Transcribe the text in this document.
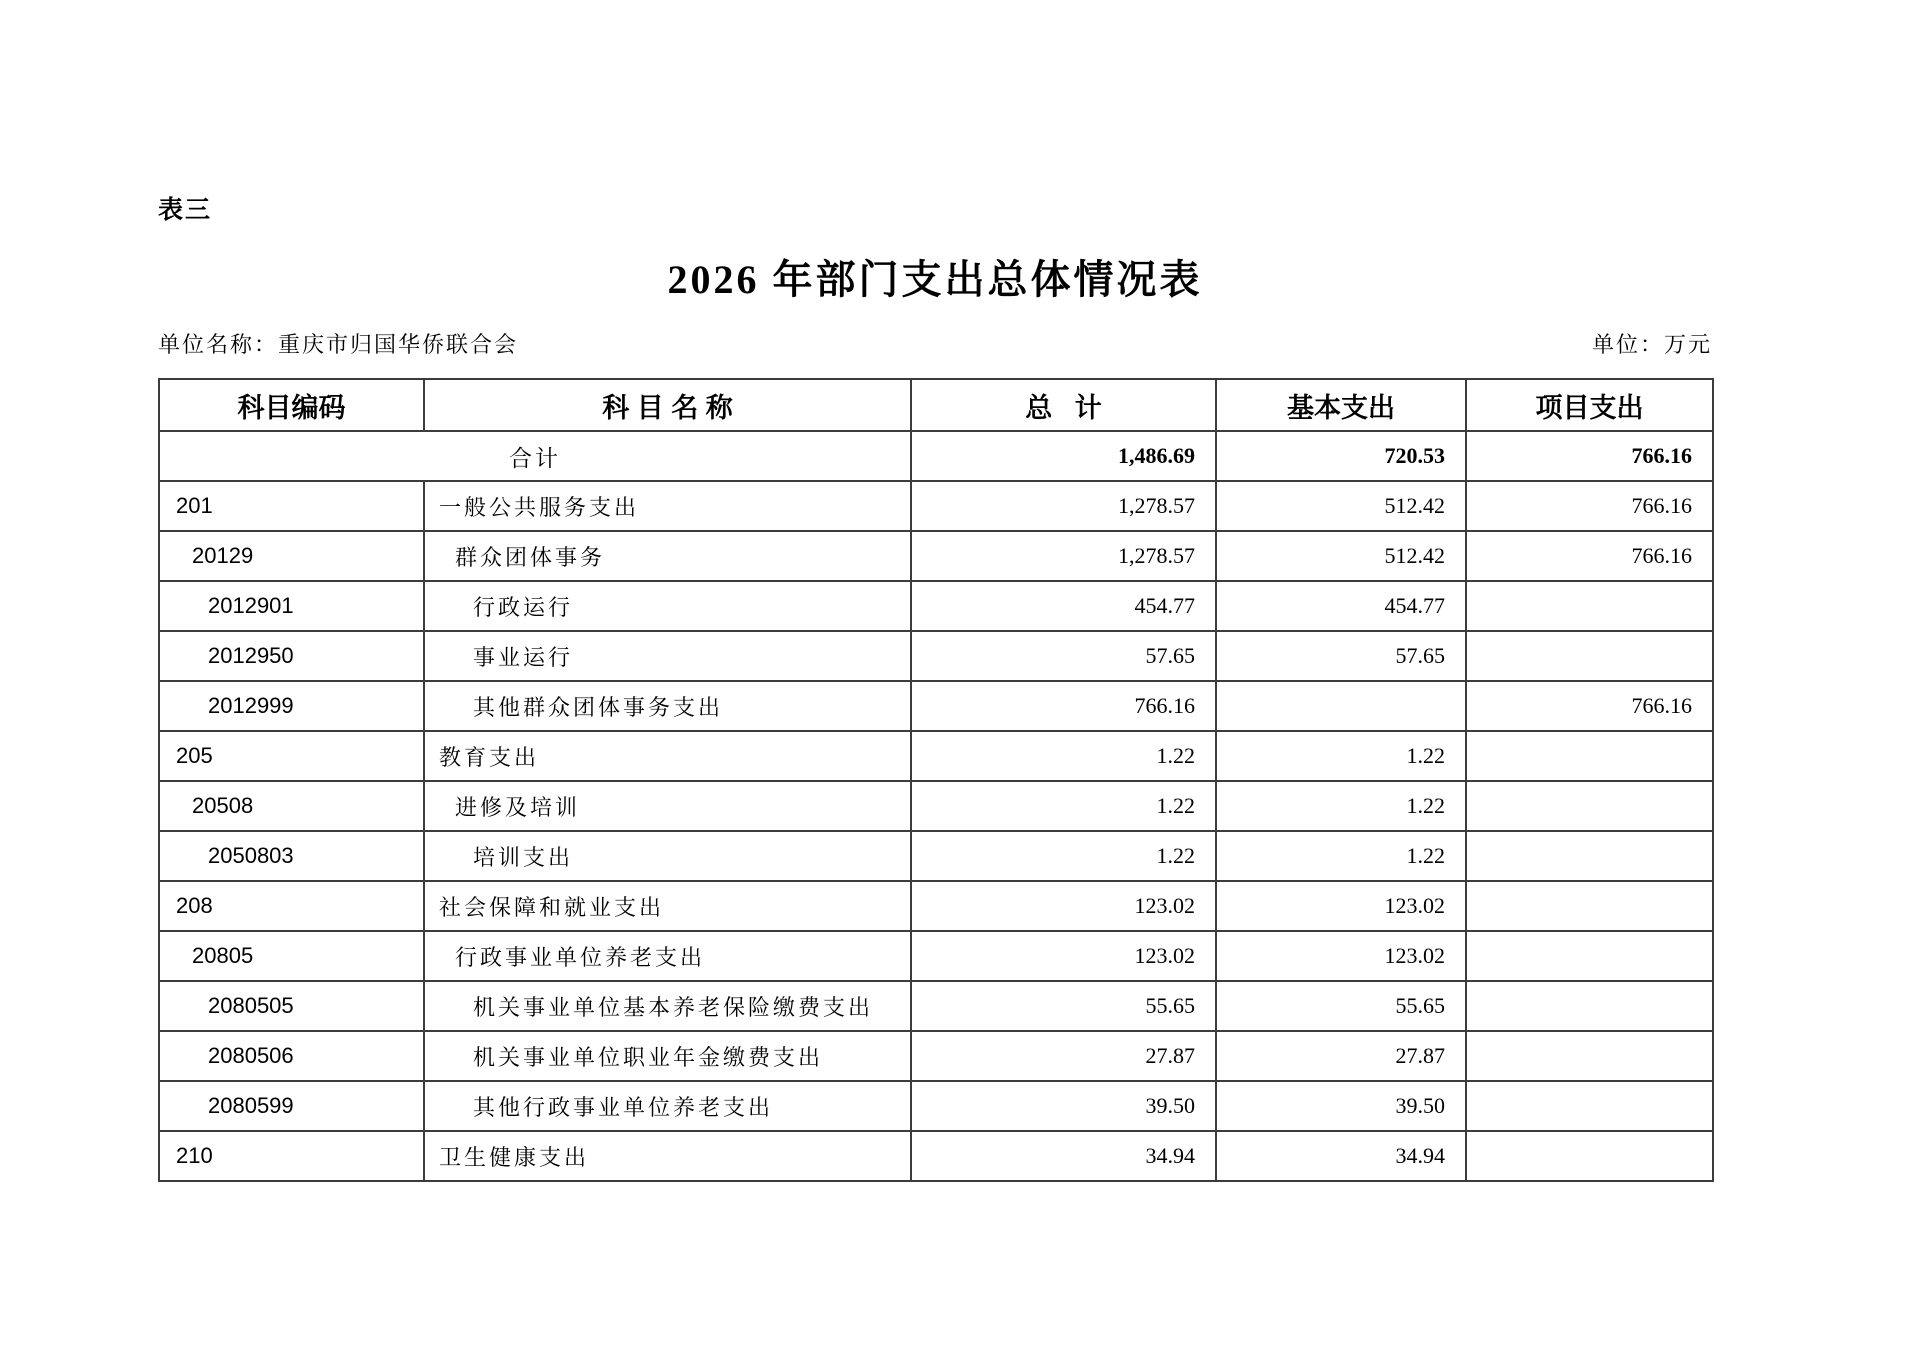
表三
2026 年部门支出总体情况表
单位名称：重庆市归国华侨联合会	单位：万元
科目编码	科 目 名 称	总   计	基本支出	项目支出
合计		1,486.69	720.53	766.16
201	一般公共服务支出	1,278.57	512.42	766.16
20129	群众团体事务	1,278.57	512.42	766.16
2012901	行政运行	454.77	454.77	
2012950	事业运行	57.65	57.65	
2012999	其他群众团体事务支出	766.16		766.16
205	教育支出	1.22	1.22	
20508	进修及培训	1.22	1.22	
2050803	培训支出	1.22	1.22	
208	社会保障和就业支出	123.02	123.02	
20805	行政事业单位养老支出	123.02	123.02	
2080505	机关事业单位基本养老保险缴费支出	55.65	55.65	
2080506	机关事业单位职业年金缴费支出	27.87	27.87	
2080599	其他行政事业单位养老支出	39.50	39.50	
210	卫生健康支出	34.94	34.94	
